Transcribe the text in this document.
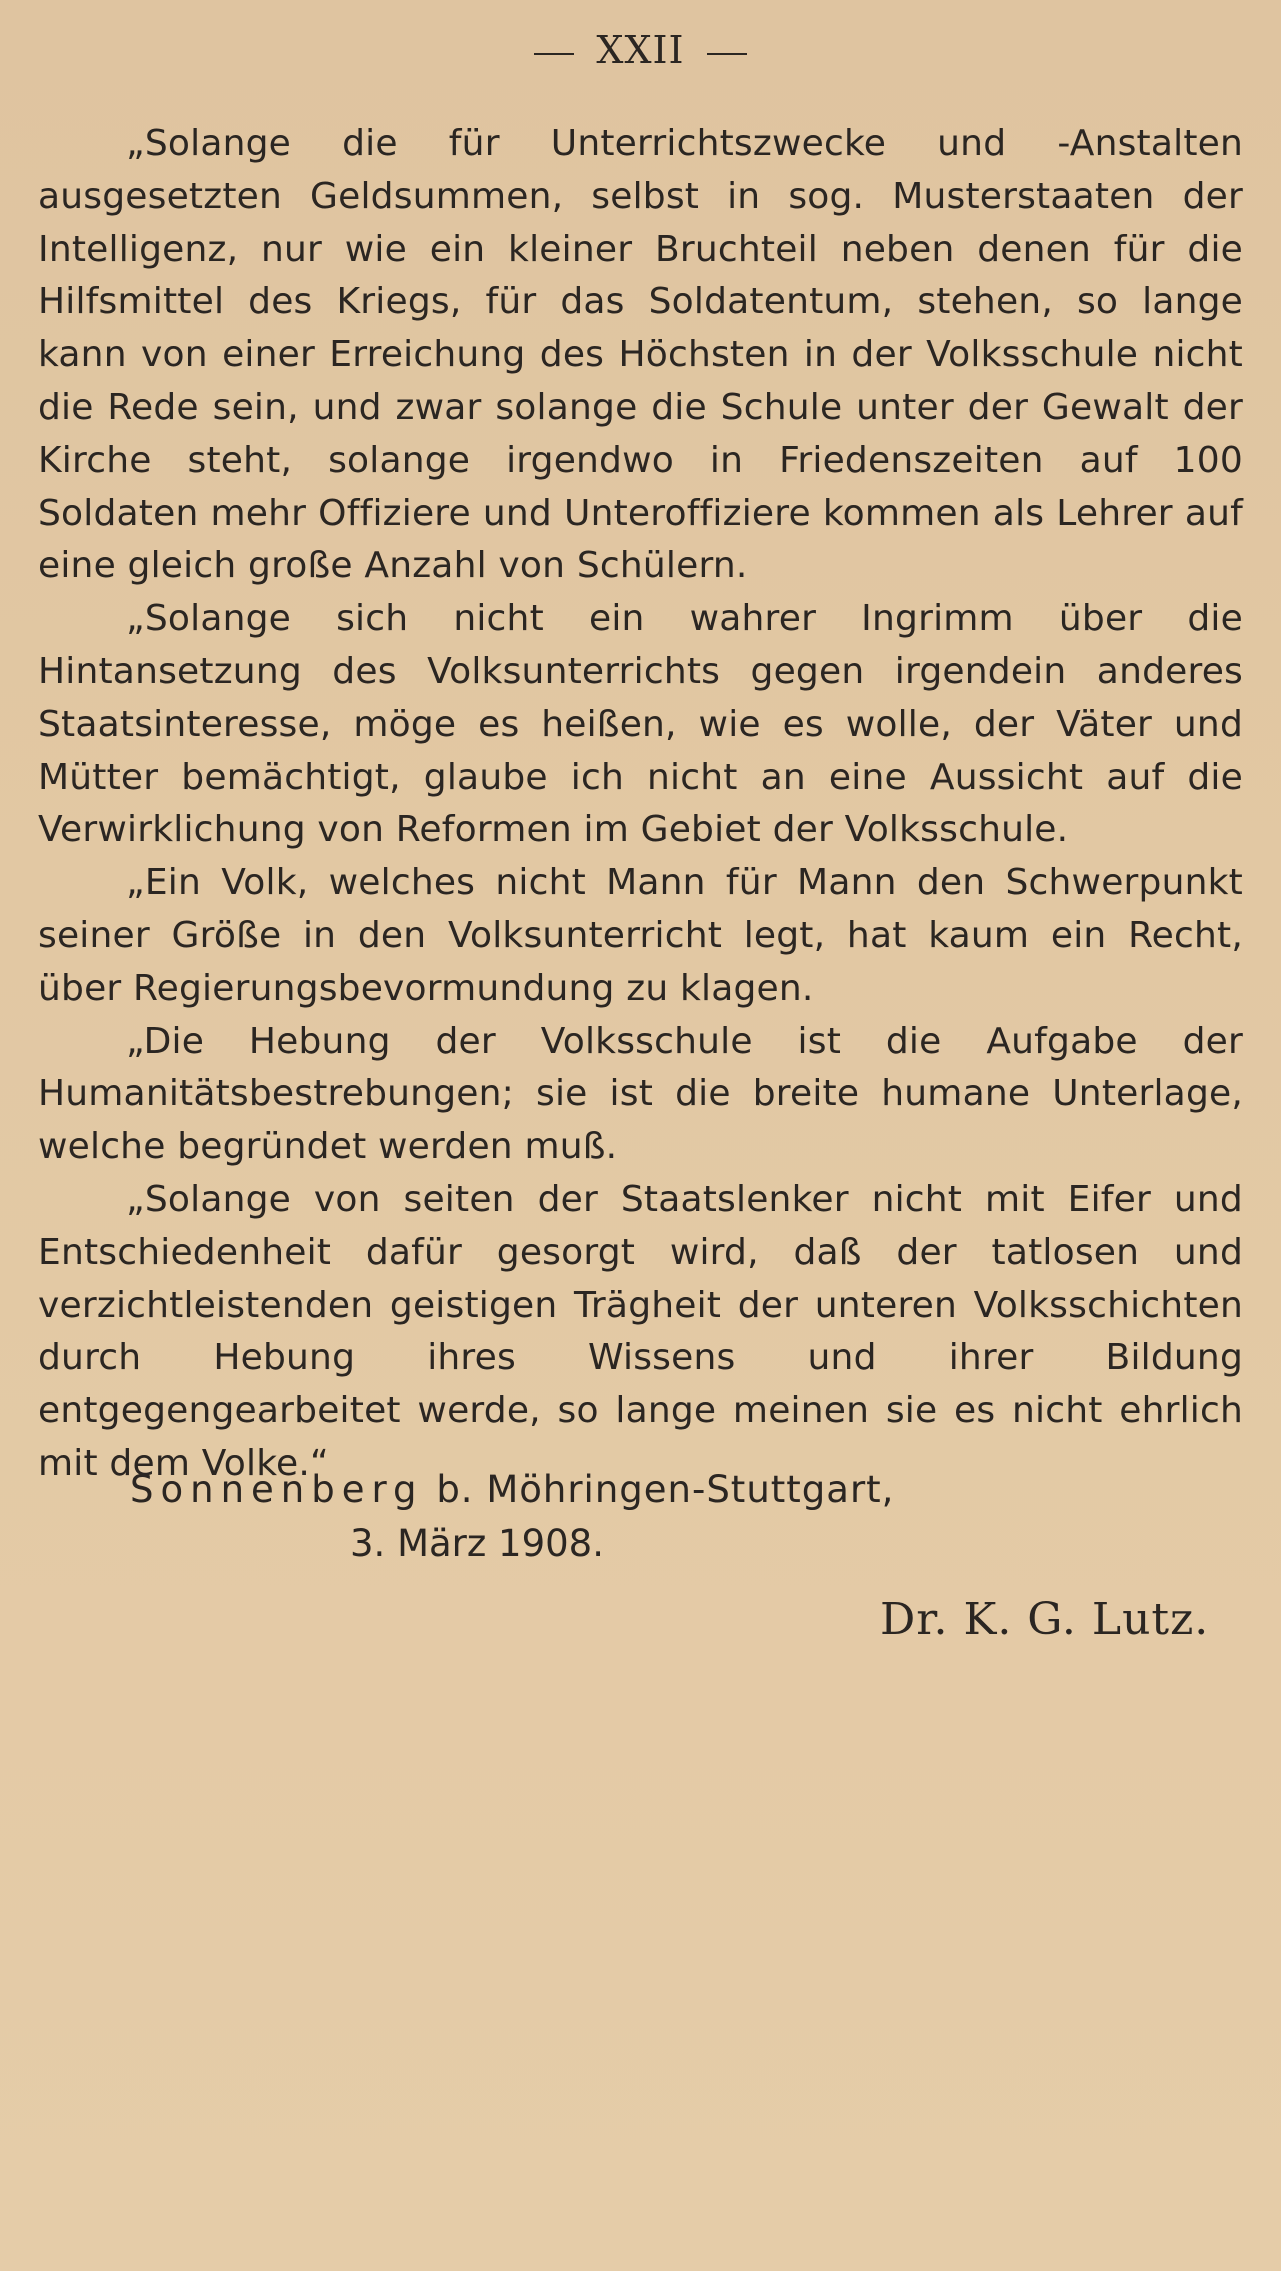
XXII

„Solange die für Unterrichtszwecke und -Anstalten ausgesetzten Geldsummen, selbst in sog. Musterstaaten der Intelligenz, nur wie ein kleiner Bruchteil neben denen für die Hilfsmittel des Kriegs, für das Soldatentum, stehen, so lange kann von einer Erreichung des Höchsten in der Volksschule nicht die Rede sein, und zwar solange die Schule unter der Gewalt der Kirche steht, solange irgendwo in Friedenszeiten auf 100 Soldaten mehr Offiziere und Unteroffiziere kommen als Lehrer auf eine gleich große Anzahl von Schülern.

„Solange sich nicht ein wahrer Ingrimm über die Hintansetzung des Volksunterrichts gegen irgendein anderes Staatsinteresse, möge es heißen, wie es wolle, der Väter und Mütter bemächtigt, glaube ich nicht an eine Aussicht auf die Verwirklichung von Reformen im Gebiet der Volksschule.

„Ein Volk, welches nicht Mann für Mann den Schwerpunkt seiner Größe in den Volksunterricht legt, hat kaum ein Recht, über Regierungsbevormundung zu klagen.

„Die Hebung der Volksschule ist die Aufgabe der Humanitätsbestrebungen; sie ist die breite humane Unterlage, welche begründet werden muß.

„Solange von seiten der Staatslenker nicht mit Eifer und Entschiedenheit dafür gesorgt wird, daß der tatlosen und verzichtleistenden geistigen Trägheit der unteren Volksschichten durch Hebung ihres Wissens und ihrer Bildung entgegengearbeitet werde, so lange meinen sie es nicht ehrlich mit dem Volke.“

Sonnenberg b. Möhringen-Stuttgart,
3. März 1908.
Dr. K. G. Lutz.
